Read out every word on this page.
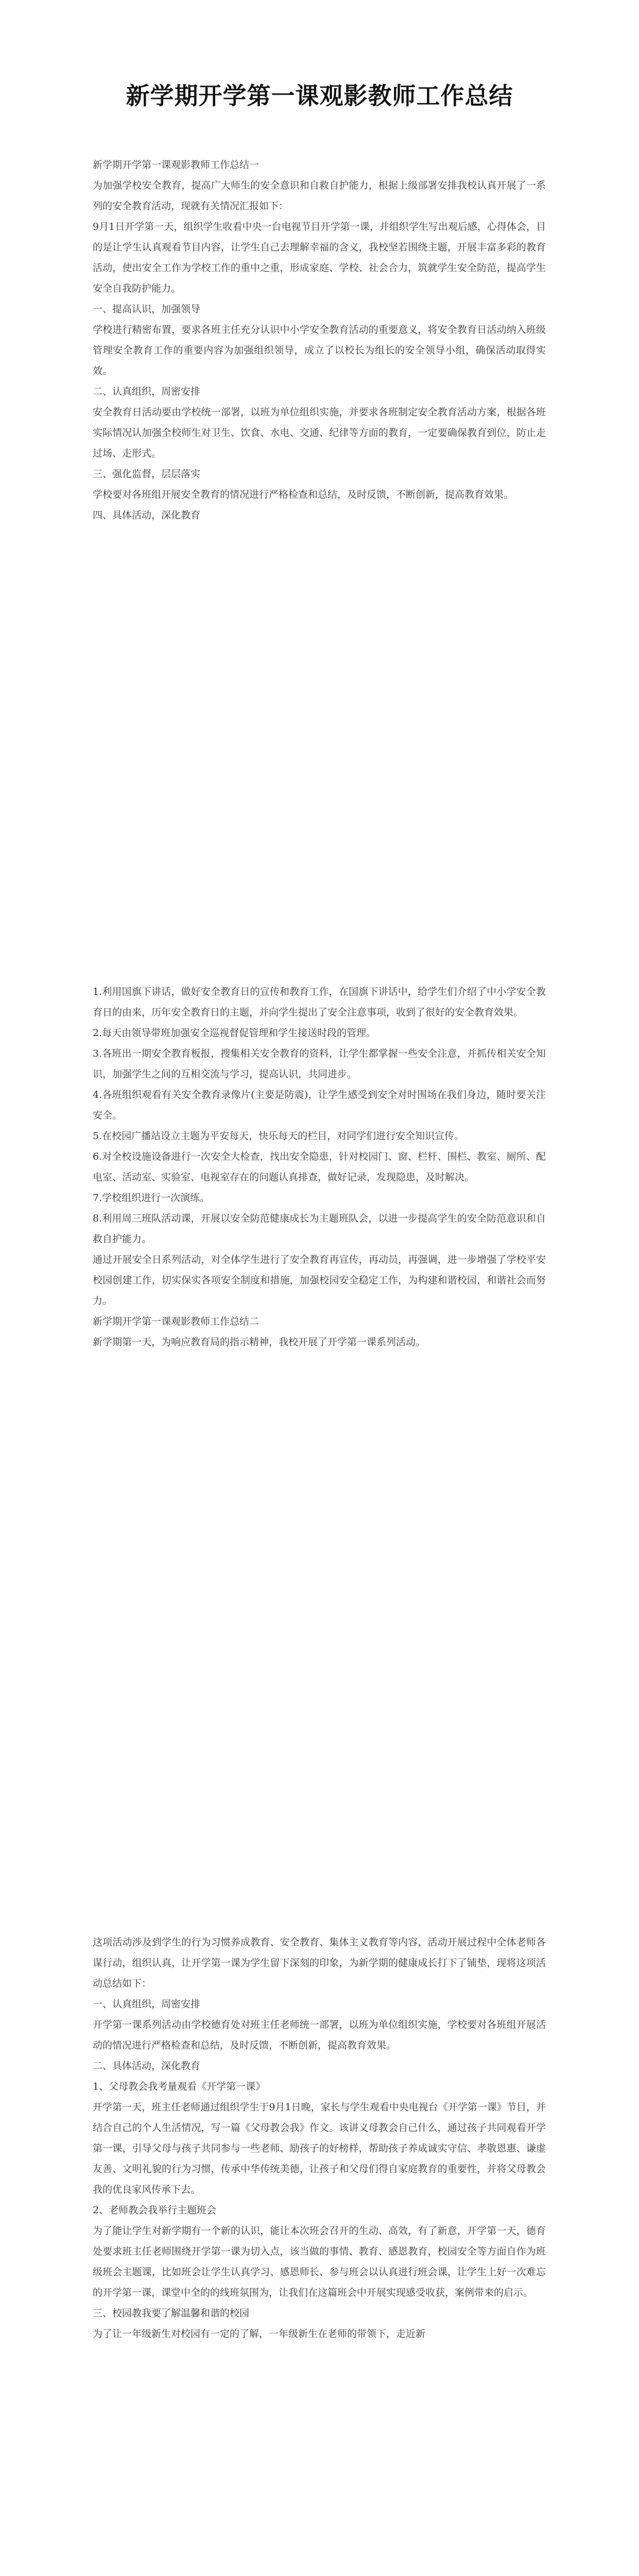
新学期开学第一课观影教师工作总结

新学期开学第一课观影教师工作总结一

为加强学校安全教育，提高广大师生的安全意识和自救自护能力，根据上级部署安排我校认真开展了一系列的安全教育活动，现就有关情况汇报如下：

9月1日开学第一天，组织学生收看中央一台电视节目开学第一课，并组织学生写出观后感，心得体会，目的是让学生认真观看节目内容，让学生自己去理解幸福的含义，我校坚若围绕主题，开展丰富多彩的教育活动，使出安全工作为学校工作的重中之重，形成家庭、学校、社会合力，筑就学生安全防范，提高学生安全自我防护能力。

一、提高认识，加强领导

学校进行精密布置，要求各班主任充分认识中小学安全教育活动的重要意义，将安全教育日活动纳入班级管理安全教育工作的重要内容为加强组织领导，成立了以校长为组长的安全领导小组，确保活动取得实效。

二、认真组织，周密安排

安全教育日活动要由学校统一部署，以班为单位组织实施，并要求各班制定安全教育活动方案，根据各班实际情况认加强全校师生对卫生、饮食、水电、交通、纪律等方面的教育，一定要确保教育到位，防止走过场、走形式。

三、强化监督，层层落实

学校要对各班组开展安全教育的情况进行严格检查和总结，及时反馈，不断创新，提高教育效果。

四、具体活动，深化教育

1.利用国旗下讲话，做好安全教育日的宣传和教育工作，在国旗下讲话中，给学生们介绍了中小学安全教育日的由来，历年安全教育日的主题，并向学生提出了安全注意事项，收到了很好的安全教育效果。

2.每天由领导带班加强安全巡视督促管理和学生接送时段的管理。

3.各班出一期安全教育板报，搜集相关安全教育的资料，让学生都掌握一些安全注意，并抓传相关安全知识，加强学生之间的互相交流与学习，提高认识，共同进步。

4.各班组织观看有关安全教育录像片(主要是防震)，让学生感受到安全对时围场在我们身边，随时要关注安全。

5.在校园广播站设立主题为平安每天，快乐每天的栏目，对同学们进行安全知识宣传。

6.对全校设施设备进行一次安全大检查，找出安全隐患，针对校园门、窗、栏杆、围栏、教室、厕所、配电室、活动室、实验室、电视室存在的问题认真排查，做好记录，发现隐患，及时解决。

7.学校组织进行一次演练。

8.利用周三班队活动课，开展以安全防范健康成长为主题班队会，以进一步提高学生的安全防范意识和自救自护能力。

通过开展安全日系列活动，对全体学生进行了安全教育再宣传，再动员，再强调，进一步增强了学校平安校园创建工作，切实保实各项安全制度和措施，加强校园安全稳定工作，为构建和谐校园，和谐社会而努力。

新学期开学第一课观影教师工作总结二

新学期第一天，为响应教育局的指示精神，我校开展了开学第一课系列活动。

这项活动涉及到学生的行为习惯养成教育、安全教育、集体主义教育等内容，活动开展过程中全体老师各谋行动，组织认真，让开学第一课为学生留下深刻的印象，为新学期的健康成长打下了铺垫，现将这项活动总结如下：

一、认真组织，周密安排

开学第一课系列活动由学校德育处对班主任老师统一部署，以班为单位组织实施，学校要对各班组开展活动的情况进行严格检查和总结，及时反馈，不断创新，提高教育效果。

二、具体活动，深化教育

1、父母教会我考量观看《开学第一课》

开学第一天，班主任老师通过组织学生于9月1日晚，家长与学生观看中央电视台《开学第一课》节目，并结合自己的个人生活情况，写一篇《父母教会我》作文。该讲义母教会自己什么，通过孩子共同观看开学第一课，引导父母与孩子共同参与一些老师、励孩子的好榜样，帮助孩子养成诚实守信、孝敬恩惠、谦虚友善、文明礼貌的行为习惯，传承中华传统美德，让孩子和父母们得自家庭教育的重要性，并将父母教会我的优良家风传承下去。

2、老师教会我举行主题班会

为了能让学生对新学期有一个新的认识，能让本次班会召开的生动、高效，有了新意，开学第一天，德育处要求班主任老师围绕开学第一课为切入点，该当做的事情、教育、感恩教育，校园安全等方面自作为班级班会主题课，比如班会让学生认真学习、感恩师长、参与班会以认真进行班会课，让学生上好一次难忘的开学第一课，课堂中全的的线班氛围为，让我们在这篇班会中开展实现感受收获，案例带来的启示。

三、校园教我要了解温馨和谐的校园

为了让一年级新生对校园有一定的了解，一年级新生在老师的带领下，走近新
